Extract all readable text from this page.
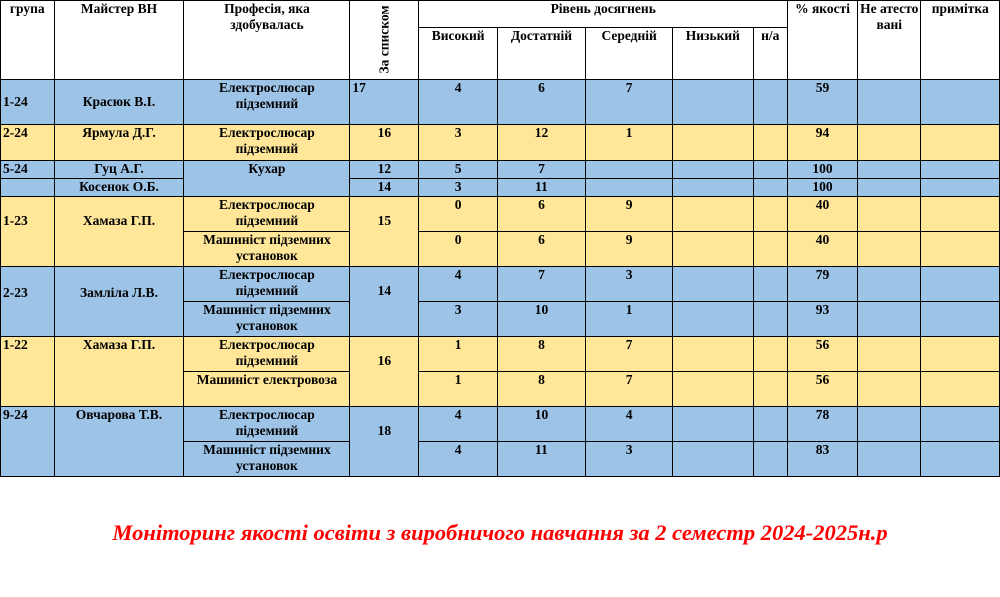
група	Майстер ВН	Професія, яка здобувалась	За списком	Рівень досягнень					% якості	Не атесто вані	примітка
				Високий	Достатній	Середній	Низький	н/а			
1-24	Красюк В.І.	Електрослюсар підземний	17	4	6	7			59		
2-24	Ярмула Д.Г.	Електрослюсар підземний	16	3	12	1			94		
5-24	Гуц А.Г.	Кухар	12	5	7				100		
	Косенок О.Б.		14	3	11				100		
1-23	Хамаза Г.П.	Електрослюсар підземний	15	0	6	9			40		
		Машиніст підземних установок		0	6	9			40		
2-23	Замліла Л.В.	Електрослюсар підземний	14	4	7	3			79		
		Машиніст підземних установок		3	10	1			93		
1-22	Хамаза Г.П.	Електрослюсар підземний	16	1	8	7			56		
		Машиніст електровоза		1	8	7			56		
9-24	Овчарова Т.В.	Електрослюсар підземний	18	4	10	4			78		
		Машиніст підземних установок		4	11	3			83		
Моніторинг якості освіти з виробничого навчання за 2 семестр 2024-2025н.р
